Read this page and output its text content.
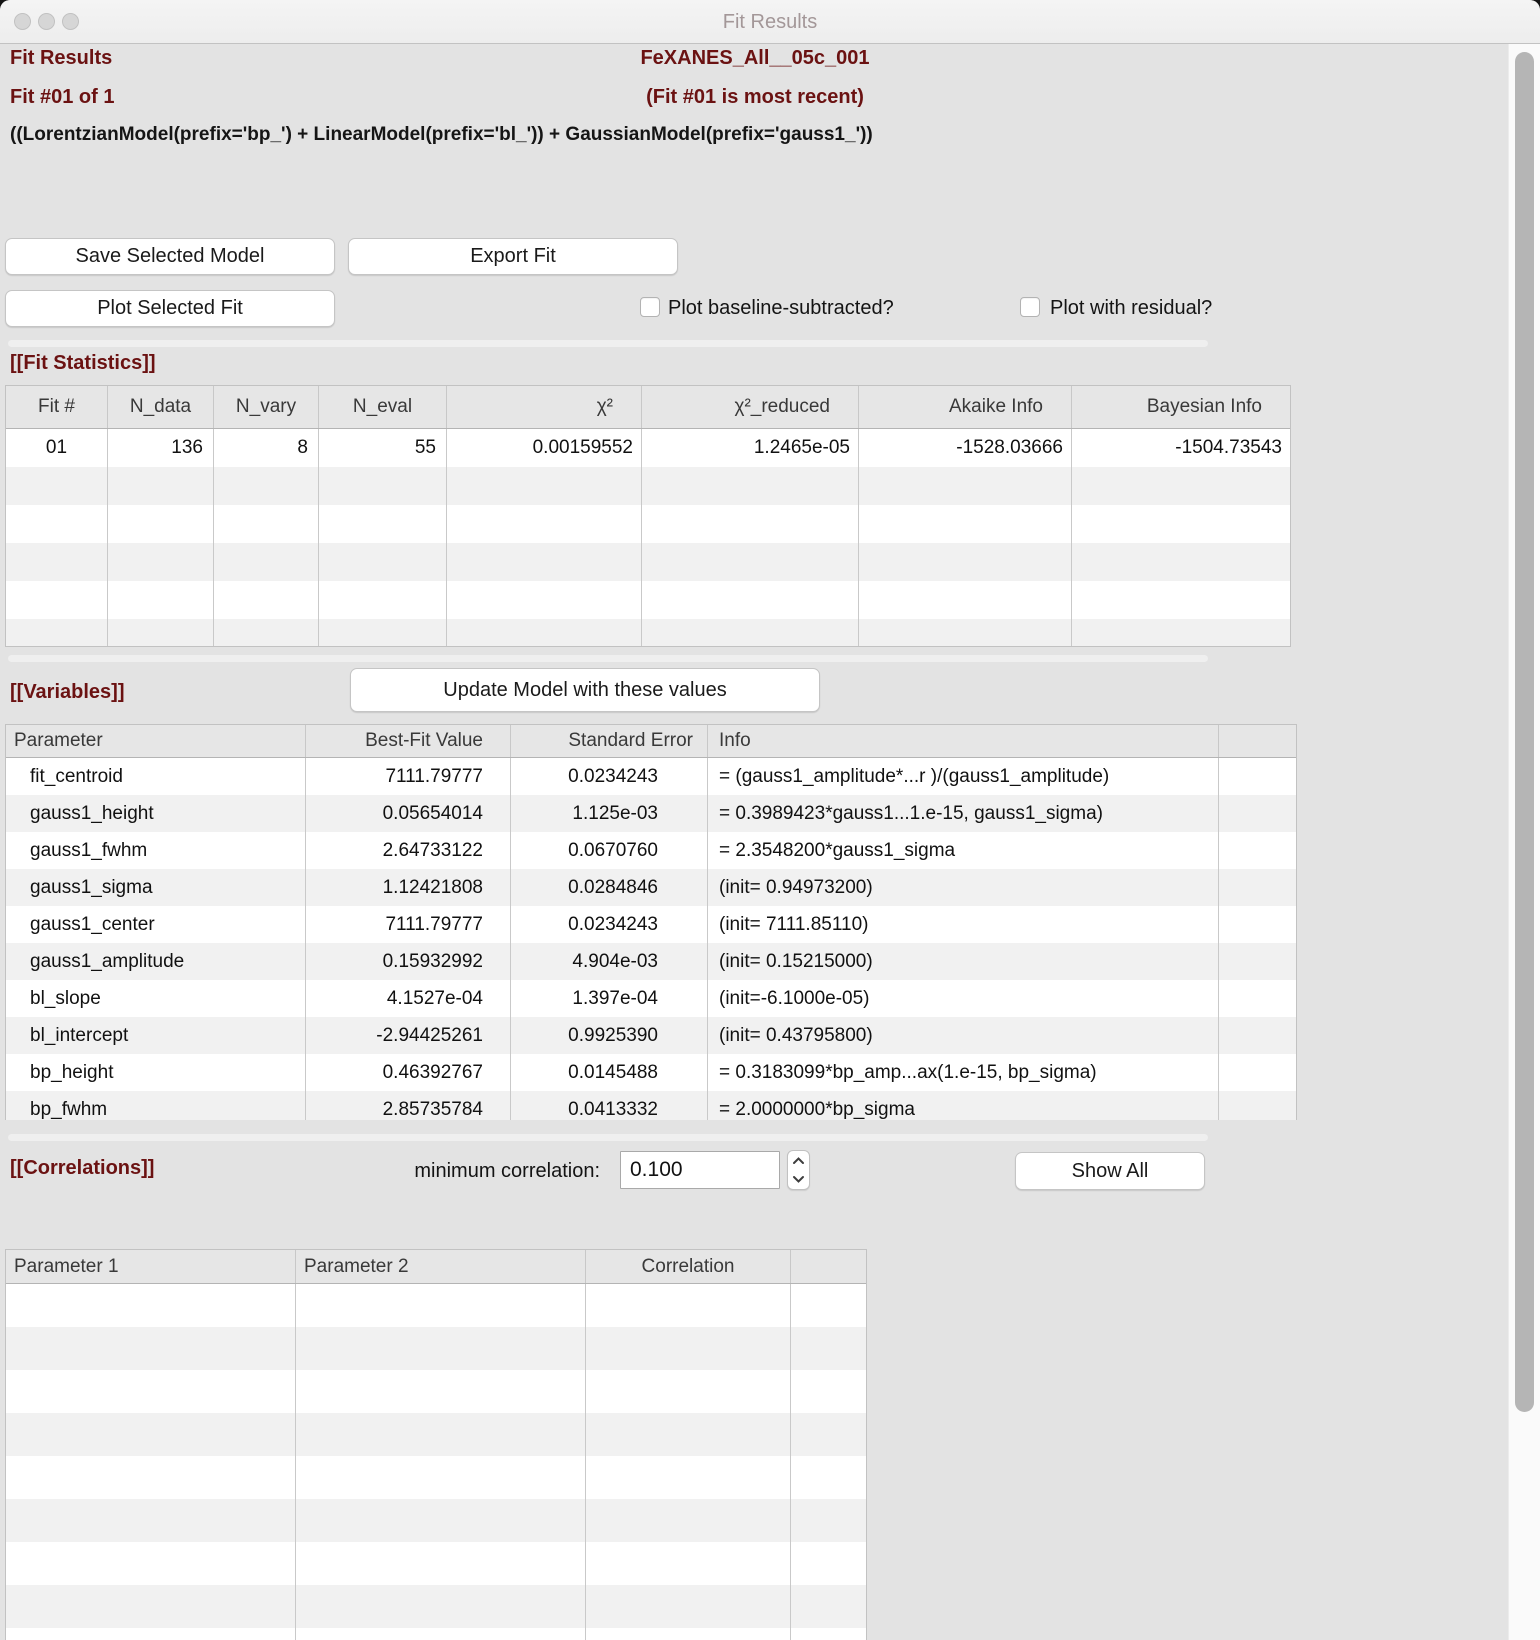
Fit Results
Fit Results	FeXANES_All__05c_001
Fit #01 of 1	(Fit #01 is most recent)
((LorentzianModel(prefix='bp_') + LinearModel(prefix='bl_')) + GaussianModel(prefix='gauss1_'))
Save Selected Model	Export Fit
Plot Selected Fit	Plot baseline-subtracted?	Plot with residual?
[[Fit Statistics]]
Fit #	N_data	N_vary	N_eval	χ²	χ²_reduced	Akaike Info	Bayesian Info
01	136	8	55	0.00159552	1.2465e-05	-1528.03666	-1504.73543
[[Variables]]	Update Model with these values
Parameter	Best-Fit Value	Standard Error	Info
fit_centroid	7111.79777	0.0234243	= (gauss1_amplitude*...r )/(gauss1_amplitude)
gauss1_height	0.05654014	1.125e-03	= 0.3989423*gauss1...1.e-15, gauss1_sigma)
gauss1_fwhm	2.64733122	0.0670760	= 2.3548200*gauss1_sigma
gauss1_sigma	1.12421808	0.0284846	(init= 0.94973200)
gauss1_center	7111.79777	0.0234243	(init= 7111.85110)
gauss1_amplitude	0.15932992	4.904e-03	(init= 0.15215000)
bl_slope	4.1527e-04	1.397e-04	(init=-6.1000e-05)
bl_intercept	-2.94425261	0.9925390	(init= 0.43795800)
bp_height	0.46392767	0.0145488	= 0.3183099*bp_amp...ax(1.e-15, bp_sigma)
bp_fwhm	2.85735784	0.0413332	= 2.0000000*bp_sigma
[[Correlations]]	minimum correlation:
0.100	Show All
Parameter 1	Parameter 2	Correlation
